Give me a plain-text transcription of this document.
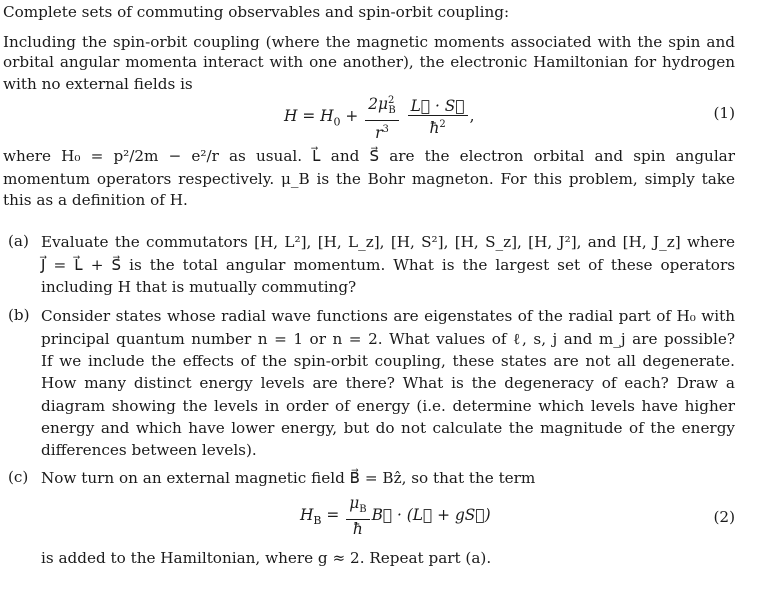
Complete sets of commuting observables and spin-orbit coupling:
Including the spin-orbit coupling (where the magnetic moments associated with the spin and
orbital angular momenta interact with one another), the electronic Hamiltonian for hydrogen
with no external fields is
$H = H_0 + \frac{2\mu^2_B}{r^3}$
$\frac{L⃗ \cdot S⃗}{ħ^2}$ ,	(1)
where H₀ = p²/2m − e²/r as usual. L⃗ and S⃗ are the electron orbital and spin angular
momentum operators respectively. μ_B is the Bohr magneton. For this problem, simply take
this as a definition of H.
(a) Evaluate the commutators [H, L²], [H, L_z], [H, S²], [H, S_z], [H, J²], and [H, J_z] where
J⃗ = L⃗ + S⃗ is the total angular momentum. What is the largest set of these operators
including H that is mutually commuting?
(b) Consider states whose radial wave functions are eigenstates of the radial part of H₀ with
principal quantum number n = 1 or n = 2. What values of ℓ, s, j and m_j are possible?
If we include the effects of the spin-orbit coupling, these states are not all degenerate.
How many distinct energy levels are there? What is the degeneracy of each? Draw a
diagram showing the levels in order of energy (i.e. determine which levels have higher
energy and which have lower energy, but do not calculate the magnitude of the energy
differences between levels).
(c) Now turn on an external magnetic field B⃗ = Bẑ, so that the term
$H_B = \frac{\mu_B}{ħ}$ B⃗ · (L⃗ + gS⃗)	(2)
is added to the Hamiltonian, where g ≈ 2. Repeat part (a).
